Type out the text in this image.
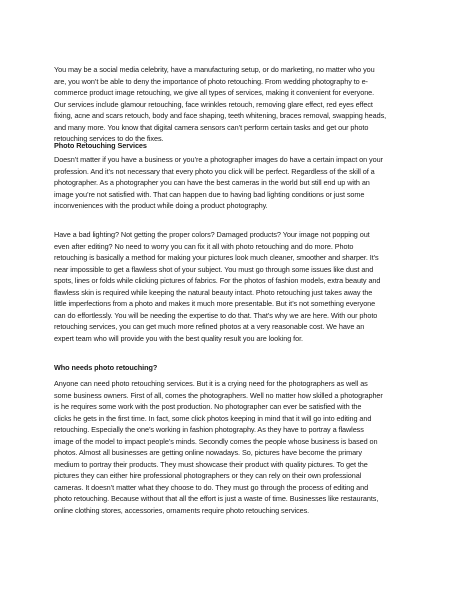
You may be a social media celebrity, have a manufacturing setup, or do marketing, no matter who you
are, you won’t be able to deny the importance of photo retouching. From wedding photography to e-
commerce product image retouching, we give all types of services, making it convenient for everyone.
Our services include glamour retouching, face wrinkles retouch, removing glare effect, red eyes effect
fixing, acne and scars retouch, body and face shaping, teeth whitening, braces removal, swapping heads,
and many more. You know that digital camera sensors can’t perform certain tasks and get our photo
retouching services to do the fixes.

Photo Retouching Services

Doesn’t matter if you have a business or you’re a photographer images do have a certain impact on your
profession. And it’s not necessary that every photo you click will be perfect. Regardless of the skill of a
photographer. As a photographer you can have the best cameras in the world but still end up with an
image you’re not satisfied with. That can happen due to having bad lighting conditions or just some
inconveniences with the product while doing a product photography.

Have a bad lighting? Not getting the proper colors? Damaged products? Your image not popping out
even after editing? No need to worry you can fix it all with photo retouching and do more. Photo
retouching is basically a method for making your pictures look much cleaner, smoother and sharper. It’s
near impossible to get a flawless shot of your subject. You must go through some issues like dust and
spots, lines or folds while clicking pictures of fabrics. For the photos of fashion models, extra beauty and
flawless skin is required while keeping the natural beauty intact. Photo retouching just takes away the
little imperfections from a photo and makes it much more presentable. But it’s not something everyone
can do effortlessly. You will be needing the expertise to do that. That’s why we are here. With our photo
retouching services, you can get much more refined photos at a very reasonable cost. We have an
expert team who will provide you with the best quality result you are looking for.

Who needs photo retouching?

Anyone can need photo retouching services. But it is a crying need for the photographers as well as
some business owners. First of all, comes the photographers. Well no matter how skilled a photographer
is he requires some work with the post production. No photographer can ever be satisfied with the
clicks he gets in the first time. In fact, some click photos keeping in mind that it will go into editing and
retouching. Especially the one’s working in fashion photography. As they have to portray a flawless
image of the model to impact people’s minds. Secondly comes the people whose business is based on
photos. Almost all businesses are getting online nowadays. So, pictures have become the primary
medium to portray their products. They must showcase their product with quality pictures. To get the
pictures they can either hire professional photographers or they can rely on their own professional
cameras. It doesn’t matter what they choose to do. They must go through the process of editing and
photo retouching. Because without that all the effort is just a waste of time. Businesses like restaurants,
online clothing stores, accessories, ornaments require photo retouching services.
